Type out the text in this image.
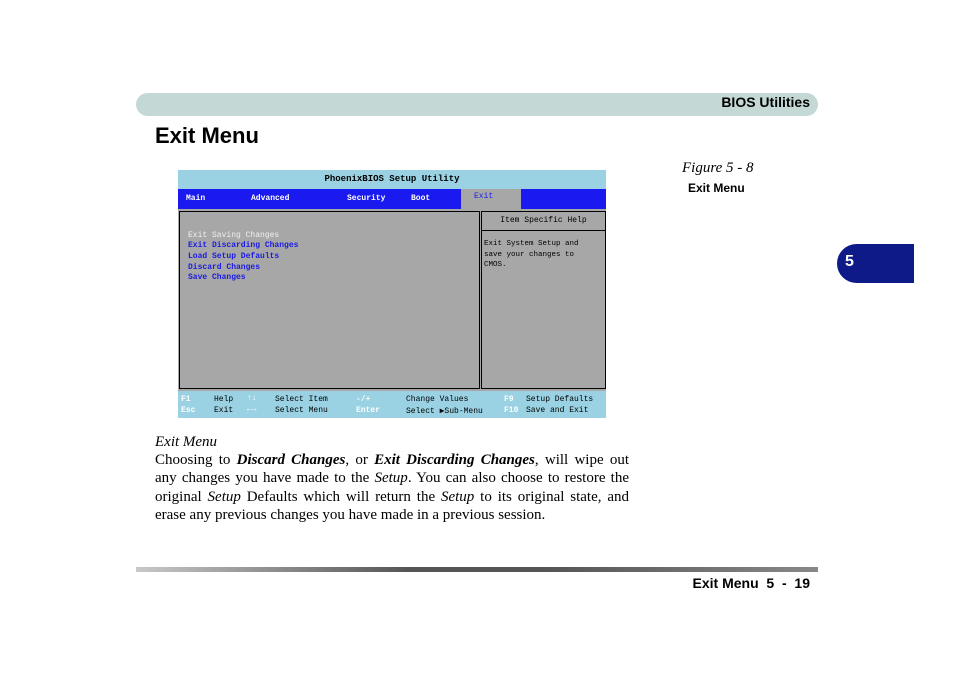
BIOS Utilities
Exit Menu
5
Figure 5 - 8
Exit Menu
PhoenixBIOS Setup Utility
Main	Advanced	Security	Boot	Exit
Exit Saving Changes
Exit Discarding Changes
Load Setup Defaults
Discard Changes
Save Changes
Item Specific Help
Exit System Setup and
save your changes to
CMOS.
F1	Help ↑↓ Select Item	-/+	Change Values	F9 Setup Defaults
Esc Exit ←→ Select Menu	Enter	Select ▶Sub-Menu	F10 Save and Exit

Exit Menu

Choosing to Discard Changes, or Exit Discarding Changes, will wipe out any changes you have made to the Setup. You can also choose to restore the original Setup Defaults which will return the Setup to its original state, and erase any previous changes you have made in a previous session.

Exit Menu  5  -  19
